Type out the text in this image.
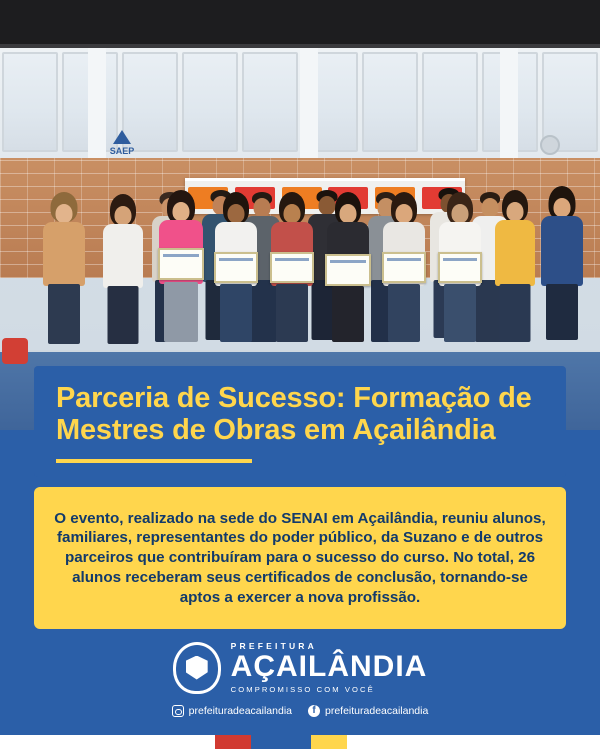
SAEP
Parceria de Sucesso: Formação de Mestres de Obras em Açailândia

O evento, realizado na sede do SENAI em Açailândia, reuniu alunos, familiares, representantes do poder público, da Suzano e de outros parceiros que contribuíram para o sucesso do curso. No total, 26 alunos receberam seus certificados de conclusão, tornando-se aptos a exercer a nova profissão.

PREFEITURA
AÇAILÂNDIA
COMPROMISSO COM VOCÊ
prefeituradeacailandia	f prefeituradeacailandia
